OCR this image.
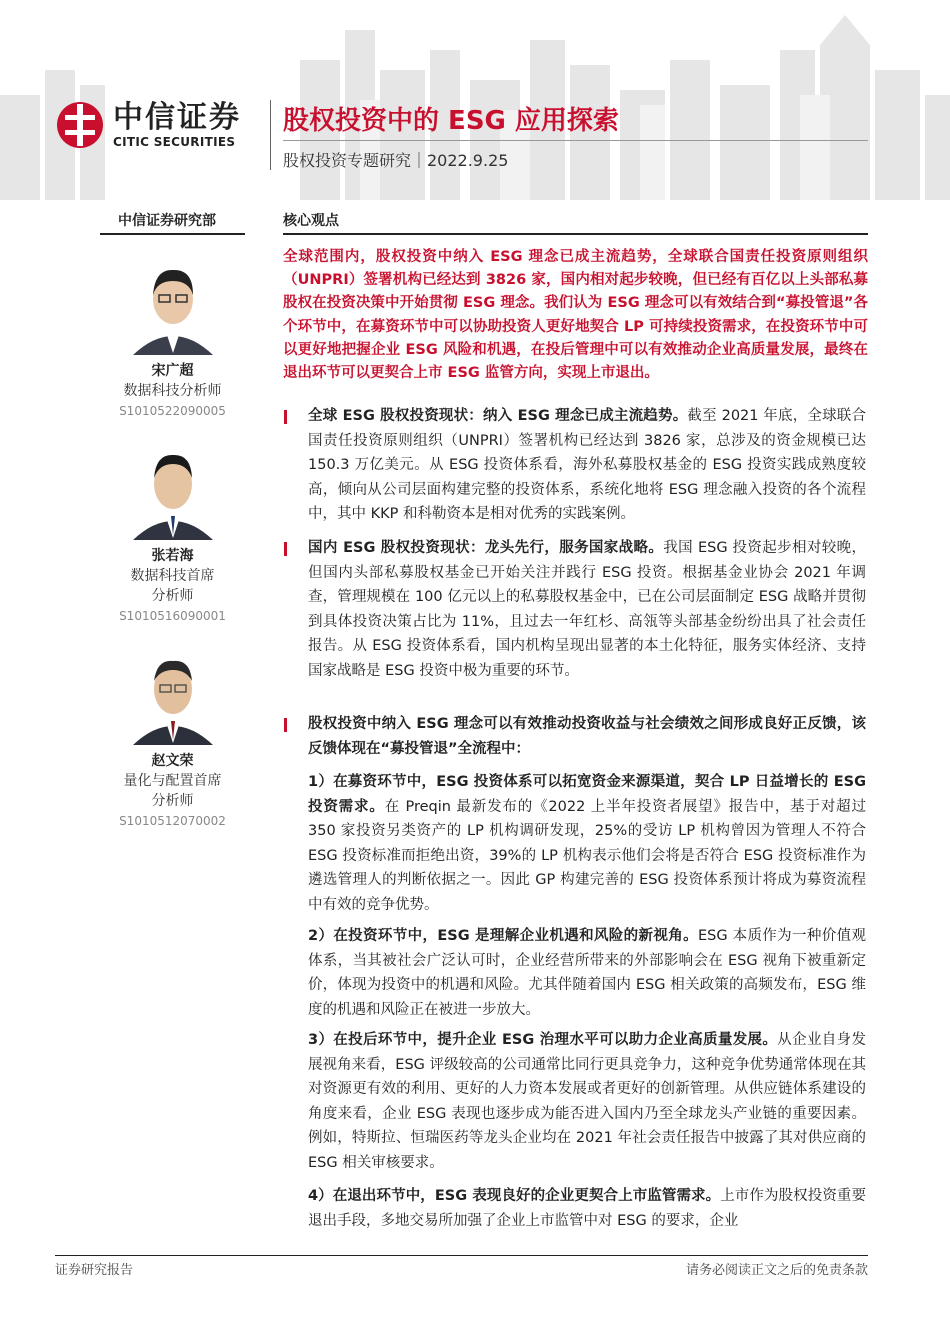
中信证券
CITIC SECURITIES
股权投资中的 ESG 应用探索
股权投资专题研究｜2022.9.25
中信证券研究部	核心观点
全球范围内，股权投资中纳入 ESG 理念已成主流趋势，全球联合国责任投资原则组织（UNPRI）签署机构已经达到 3826 家，国内相对起步较晚，但已经有百亿以上头部私募股权在投资决策中开始贯彻 ESG 理念。我们认为 ESG 理念可以有效结合到“募投管退”各个环节中，在募资环节中可以协助投资人更好地契合 LP 可持续投资需求，在投资环节中可以更好地把握企业 ESG 风险和机遇，在投后管理中可以有效推动企业高质量发展，最终在退出环节可以更契合上市 ESG 监管方向，实现上市退出。
宋广超
数据科技分析师
S1010522090005
张若海
数据科技首席
分析师
S1010516090001
赵文荣
量化与配置首席
分析师
S1010512070002
全球 ESG 股权投资现状：纳入 ESG 理念已成主流趋势。截至 2021 年底，全球联合国责任投资原则组织（UNPRI）签署机构已经达到 3826 家，总涉及的资金规模已达 150.3 万亿美元。从 ESG 投资体系看，海外私募股权基金的 ESG 投资实践成熟度较高，倾向从公司层面构建完整的投资体系，系统化地将 ESG 理念融入投资的各个流程中，其中 KKP 和科勒资本是相对优秀的实践案例。
国内 ESG 股权投资现状：龙头先行，服务国家战略。我国 ESG 投资起步相对较晚，但国内头部私募股权基金已开始关注并践行 ESG 投资。根据基金业协会 2021 年调查，管理规模在 100 亿元以上的私募股权基金中，已在公司层面制定 ESG 战略并贯彻到具体投资决策占比为 11%，且过去一年红杉、高瓴等头部基金纷纷出具了社会责任报告。从 ESG 投资体系看，国内机构呈现出显著的本土化特征，服务实体经济、支持国家战略是 ESG 投资中极为重要的环节。
股权投资中纳入 ESG 理念可以有效推动投资收益与社会绩效之间形成良好正反馈，该反馈体现在“募投管退”全流程中：
1）在募资环节中，ESG 投资体系可以拓宽资金来源渠道，契合 LP 日益增长的 ESG 投资需求。在 Preqin 最新发布的《2022 上半年投资者展望》报告中，基于对超过 350 家投资另类资产的 LP 机构调研发现，25%的受访 LP 机构曾因为管理人不符合 ESG 投资标准而拒绝出资，39%的 LP 机构表示他们会将是否符合 ESG 投资标准作为遴选管理人的判断依据之一。因此 GP 构建完善的 ESG 投资体系预计将成为募资流程中有效的竞争优势。
2）在投资环节中，ESG 是理解企业机遇和风险的新视角。ESG 本质作为一种价值观体系，当其被社会广泛认可时，企业经营所带来的外部影响会在 ESG 视角下被重新定价，体现为投资中的机遇和风险。尤其伴随着国内 ESG 相关政策的高频发布，ESG 维度的机遇和风险正在被进一步放大。
3）在投后环节中，提升企业 ESG 治理水平可以助力企业高质量发展。从企业自身发展视角来看，ESG 评级较高的公司通常比同行更具竞争力，这种竞争优势通常体现在其对资源更有效的利用、更好的人力资本发展或者更好的创新管理。从供应链体系建设的角度来看，企业 ESG 表现也逐步成为能否进入国内乃至全球龙头产业链的重要因素。例如，特斯拉、恒瑞医药等龙头企业均在 2021 年社会责任报告中披露了其对供应商的 ESG 相关审核要求。
4）在退出环节中，ESG 表现良好的企业更契合上市监管需求。上市作为股权投资重要退出手段，多地交易所加强了企业上市监管中对 ESG 的要求，企业
证券研究报告	请务必阅读正文之后的免责条款
